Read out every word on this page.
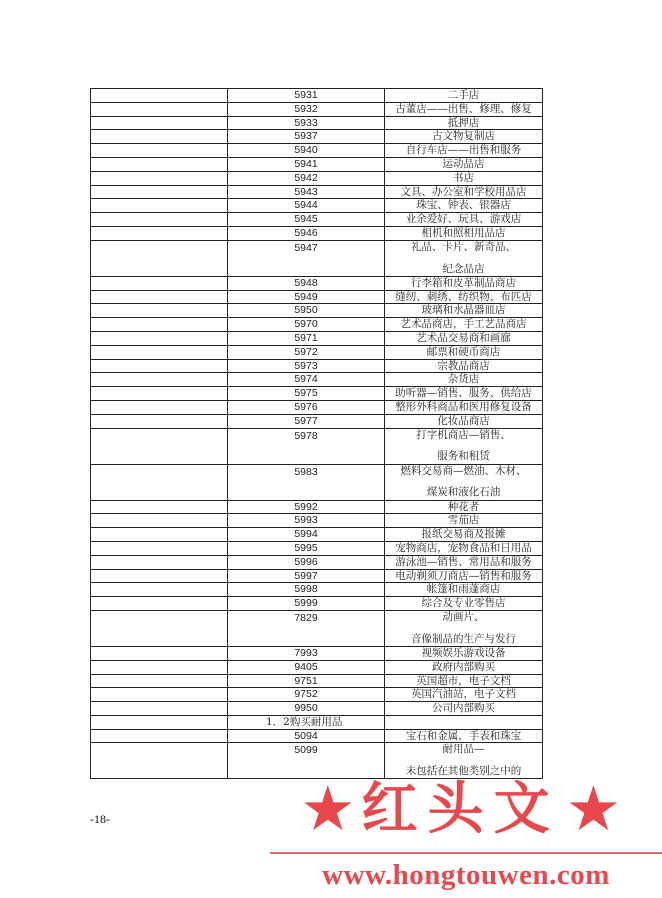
	5931	二手店
	5932	古董店——出售、修理、修复
	5933	抵押店
	5937	古文物复制店
	5940	自行车店——出售和服务
	5941	运动品店
	5942	书店
	5943	文具、办公室和学校用品店
	5944	珠宝、钟表、银器店
	5945	业余爱好、玩具、游戏店
	5946	相机和照相用品店
	5947	礼品、卡片、新奇品、
纪念品店

	5948	行李箱和皮革制品商店
	5949	缝纫、刺绣、纺织物、布匹店
	5950	玻璃和水晶器皿店
	5970	艺术品商店，手工艺品商店
	5971	艺术品交易商和画廊
	5972	邮票和硬币商店
	5973	宗教品商店
	5974	杂货店
	5975	助听器—销售、服务、供给店
	5976	整形外科商品和医用修复设备
	5977	化妆品商店
	5978	打字机商店—销售、
服务和租赁

	5983	燃料交易商—燃油、木材、
煤炭和液化石油

	5992	种花者
	5993	雪茄店
	5994	报纸交易商及报摊
	5995	宠物商店，宠物食品和日用品
	5996	游泳池—销售、常用品和服务
	5997	电动剃须刀商店—销售和服务
	5998	帐篷和雨蓬商店
	5999	综合及专业零售店
	7829	动画片、
音像制品的生产与发行

	7993	视频娱乐游戏设备
	9405	政府内部购买
	9751	英国超市，电子文档
	9752	英国汽油站，电子文档
	9950	公司内部购买
	1．2购买耐用品	
	5094	宝石和金属，手表和珠宝
	5099	耐用品—
未包括在其他类别之中的
-18-	★ 红头文 ★
www.hongtouwen.com
